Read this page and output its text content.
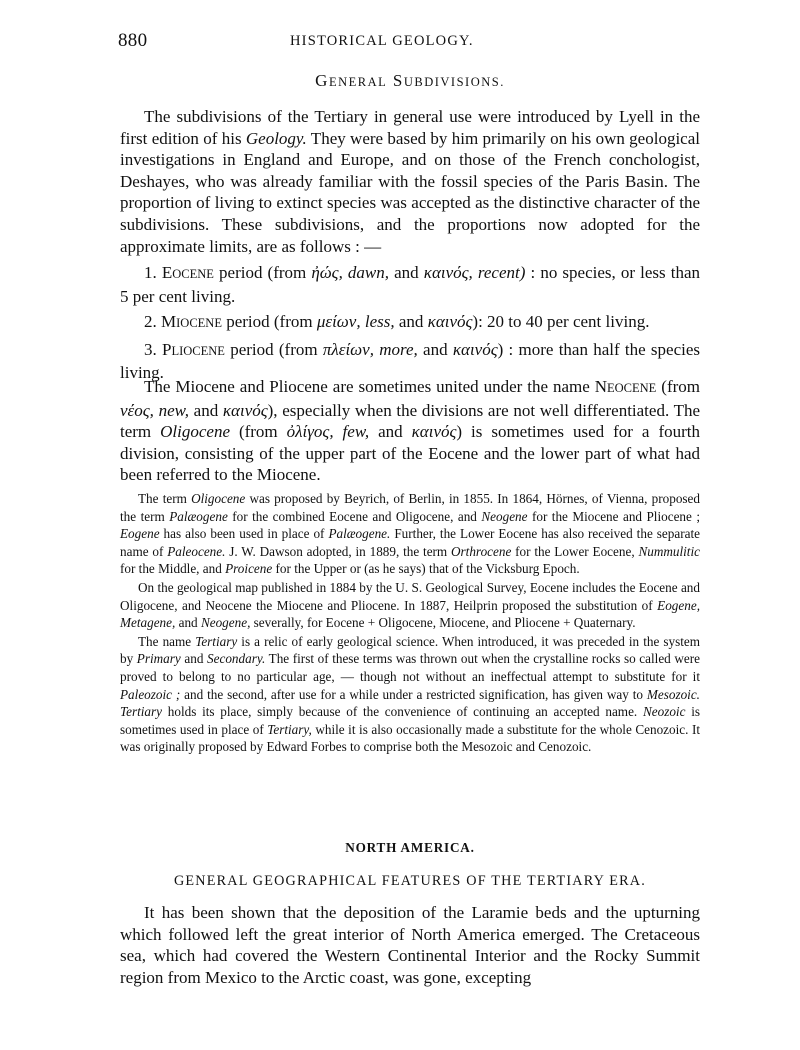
880	HISTORICAL GEOLOGY.

GENERAL SUBDIVISIONS.

The subdivisions of the Tertiary in general use were introduced by Lyell in the first edition of his Geology. They were based by him primarily on his own geological investigations in England and Europe, and on those of the French conchologist, Deshayes, who was already familiar with the fossil species of the Paris Basin. The proportion of living to extinct species was accepted as the distinctive character of the subdivisions. These subdivisions, and the proportions now adopted for the approximate limits, are as follows : —

1. EOCENE period (from ἠώς, dawn, and καινός, recent) : no species, or less than 5 per cent living.

2. MIOCENE period (from μείων, less, and καινός): 20 to 40 per cent living.

3. PLIOCENE period (from πλείων, more, and καινός) : more than half the species living.

The Miocene and Pliocene are sometimes united under the name NEOCENE (from νέος, new, and καινός), especially when the divisions are not well differentiated. The term Oligocene (from ὀλίγος, few, and καινός) is sometimes used for a fourth division, consisting of the upper part of the Eocene and the lower part of what had been referred to the Miocene.

The term Oligocene was proposed by Beyrich, of Berlin, in 1855. In 1864, Hörnes, of Vienna, proposed the term Palæogene for the combined Eocene and Oligocene, and Neogene for the Miocene and Pliocene ; Eogene has also been used in place of Palæogene. Further, the Lower Eocene has also received the separate name of Paleocene. J. W. Dawson adopted, in 1889, the term Orthrocene for the Lower Eocene, Nummulitic for the Middle, and Proicene for the Upper or (as he says) that of the Vicksburg Epoch.

On the geological map published in 1884 by the U. S. Geological Survey, Eocene includes the Eocene and Oligocene, and Neocene the Miocene and Pliocene. In 1887, Heilprin proposed the substitution of Eogene, Metagene, and Neogene, severally, for Eocene + Oligocene, Miocene, and Pliocene + Quaternary.

The name Tertiary is a relic of early geological science. When introduced, it was preceded in the system by Primary and Secondary. The first of these terms was thrown out when the crystalline rocks so called were proved to belong to no particular age, — though not without an ineffectual attempt to substitute for it Paleozoic ; and the second, after use for a while under a restricted signification, has given way to Mesozoic. Tertiary holds its place, simply because of the convenience of continuing an accepted name. Neozoic is sometimes used in place of Tertiary, while it is also occasionally made a substitute for the whole Cenozoic. It was originally proposed by Edward Forbes to comprise both the Mesozoic and Cenozoic.

NORTH AMERICA.

GENERAL GEOGRAPHICAL FEATURES OF THE TERTIARY ERA.

It has been shown that the deposition of the Laramie beds and the upturning which followed left the great interior of North America emerged. The Cretaceous sea, which had covered the Western Continental Interior and the Rocky Summit region from Mexico to the Arctic coast, was gone, excepting
